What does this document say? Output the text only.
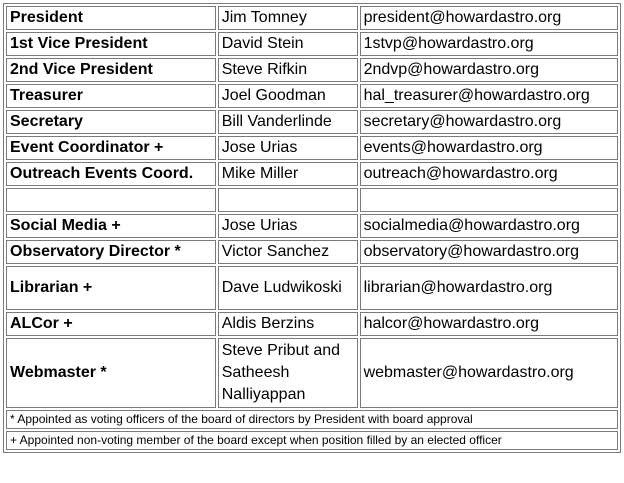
President	Jim Tomney	president@howardastro.org
1st Vice President	David Stein	1stvp@howardastro.org
2nd Vice President	Steve Rifkin	2ndvp@howardastro.org
Treasurer	Joel Goodman	hal_treasurer@howardastro.org
Secretary	Bill Vanderlinde	secretary@howardastro.org
Event Coordinator +	Jose Urias	events@howardastro.org
Outreach Events Coord.	Mike Miller	outreach@howardastro.org

Social Media +	Jose Urias	socialmedia@howardastro.org
Observatory Director *	Victor Sanchez	observatory@howardastro.org
Librarian +	Dave Ludwikoski	librarian@howardastro.org
ALCor +	Aldis Berzins	halcor@howardastro.org
Webmaster *	Steve Pribut and Satheesh Nalliyappan	webmaster@howardastro.org
* Appointed as voting officers of the board of directors by President with board approval		
+ Appointed non-voting member of the board except when position filled by an elected officer		
